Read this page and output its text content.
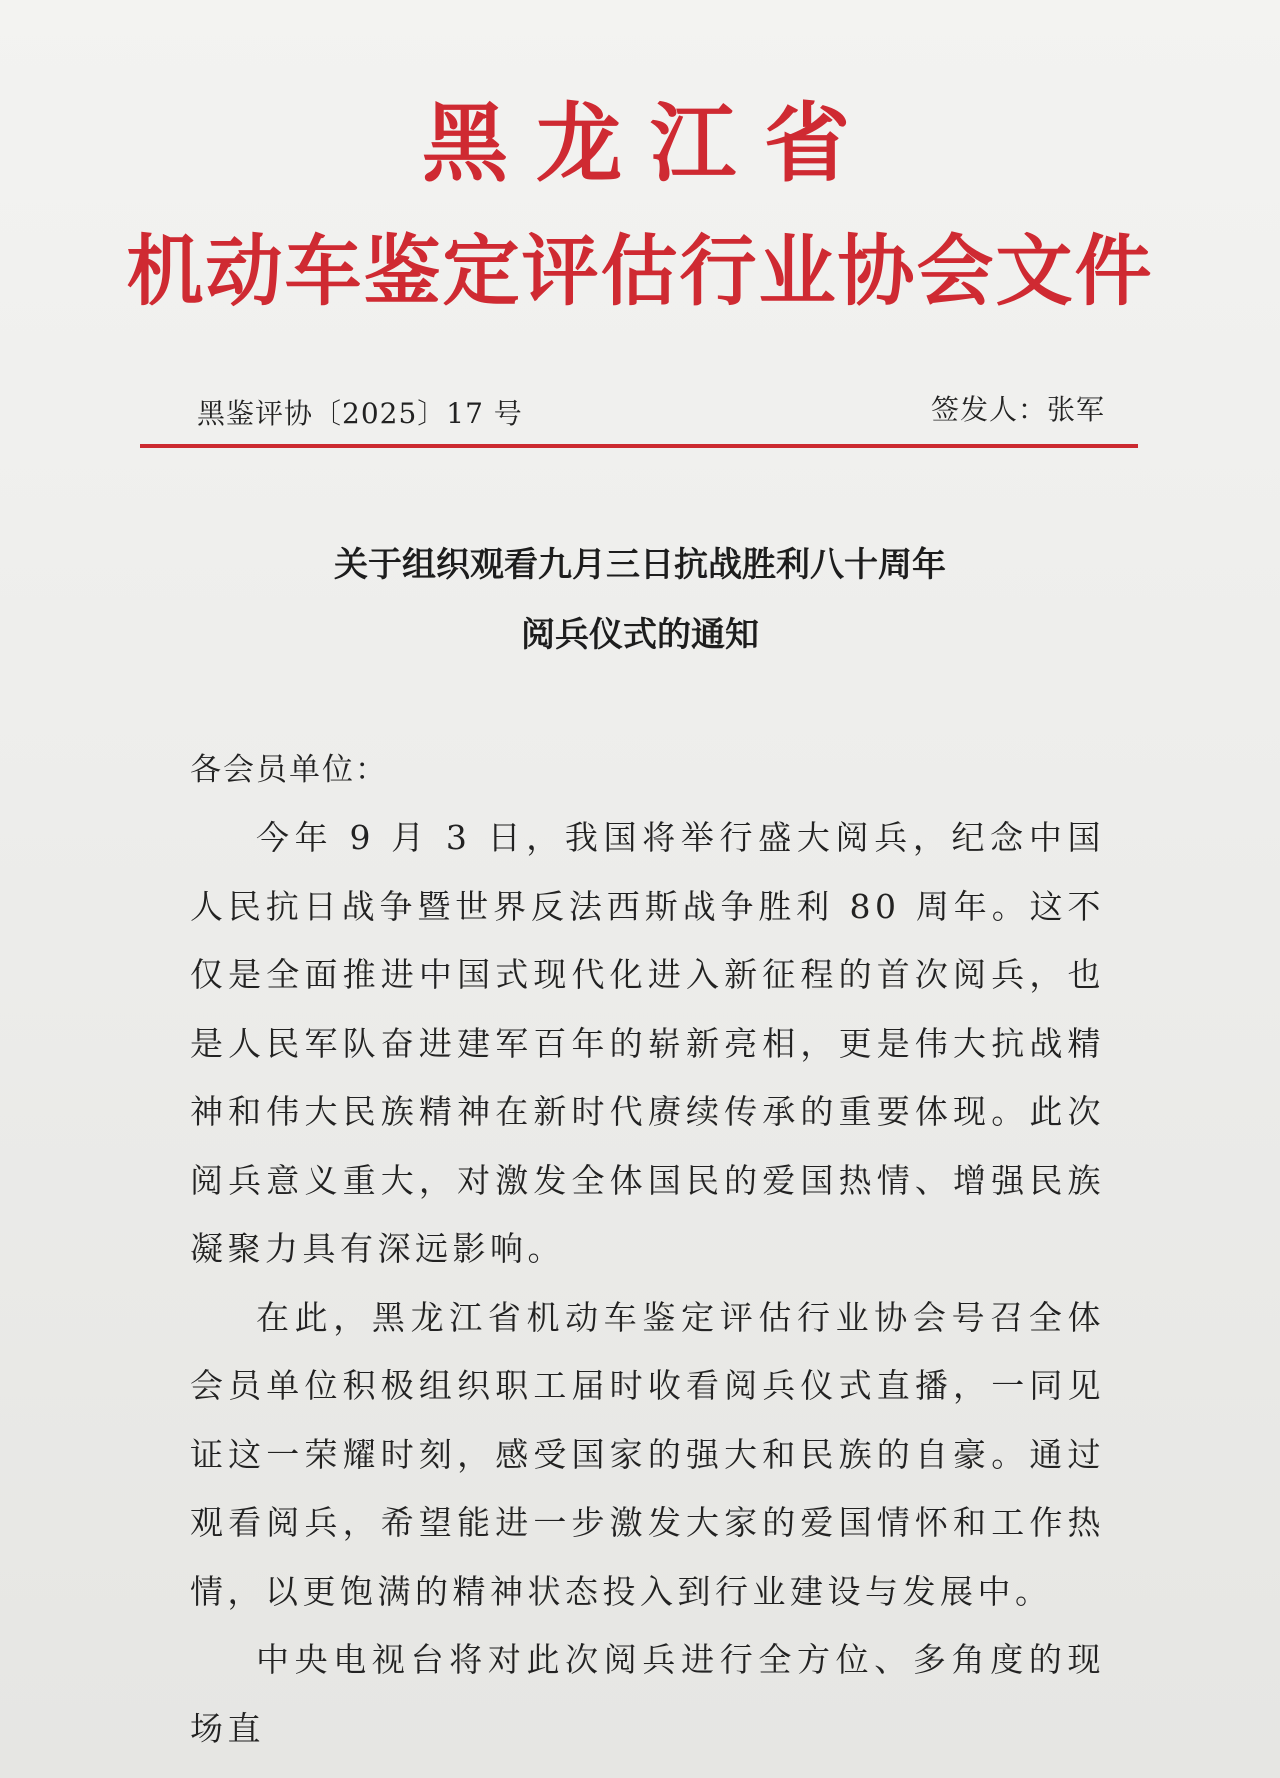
黑龙江省
机动车鉴定评估行业协会文件
黑鉴评协〔2025〕17 号	签发人：张军
关于组织观看九月三日抗战胜利八十周年
阅兵仪式的通知
各会员单位：

今年 9 月 3 日，我国将举行盛大阅兵，纪念中国人民抗日战争暨世界反法西斯战争胜利 80 周年。这不仅是全面推进中国式现代化进入新征程的首次阅兵，也是人民军队奋进建军百年的崭新亮相，更是伟大抗战精神和伟大民族精神在新时代赓续传承的重要体现。此次阅兵意义重大，对激发全体国民的爱国热情、增强民族凝聚力具有深远影响。

在此，黑龙江省机动车鉴定评估行业协会号召全体会员单位积极组织职工届时收看阅兵仪式直播，一同见证这一荣耀时刻，感受国家的强大和民族的自豪。通过观看阅兵，希望能进一步激发大家的爱国情怀和工作热情，以更饱满的精神状态投入到行业建设与发展中。

中央电视台将对此次阅兵进行全方位、多角度的现场直
